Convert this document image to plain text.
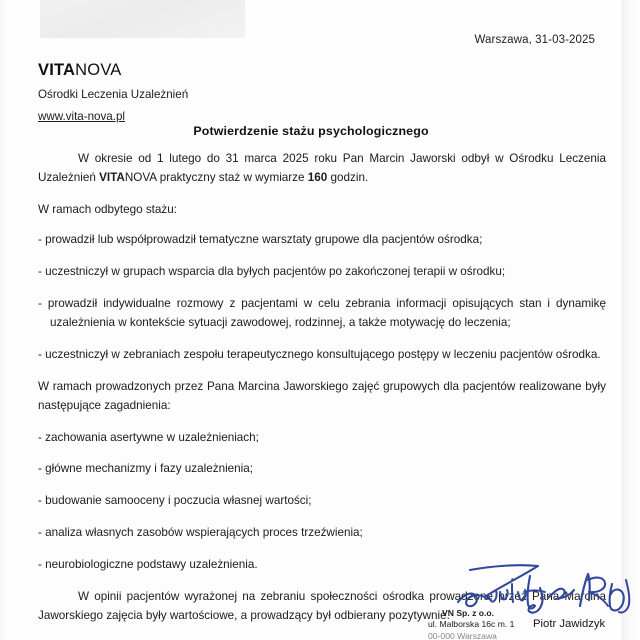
Warszawa, 31-03-2025
VITANOVA
Ośrodki Leczenia Uzależnień
www.vita-nova.pl
Potwierdzenie stażu psychologicznego

W okresie od 1 lutego do 31 marca 2025 roku Pan Marcin Jaworski odbył w Ośrodku Leczenia Uzależnień VITANOVA praktyczny staż w wymiarze 160 godzin.

W ramach odbytego stażu:

- prowadził lub współprowadził tematyczne warsztaty grupowe dla pacjentów ośrodka;
- uczestniczył w grupach wsparcia dla byłych pacjentów po zakończonej terapii w ośrodku;
- prowadził indywidualne rozmowy z pacjentami w celu zebrania informacji opisujących stan i dynamikę uzależnienia w kontekście sytuacji zawodowej, rodzinnej, a także motywację do leczenia;
- uczestniczył w zebraniach zespołu terapeutycznego konsultującego postępy w leczeniu pacjentów ośrodka.

W ramach prowadzonych przez Pana Marcina Jaworskiego zajęć grupowych dla pacjentów realizowane były następujące zagadnienia:

- zachowania asertywne w uzależnieniach;
- główne mechanizmy i fazy uzależnienia;
- budowanie samooceny i poczucia własnej wartości;
- analiza własnych zasobów wspierających proces trzeźwienia;
- neurobiologiczne podstawy uzależnienia.

W opinii pacjentów wyrażonej na zebraniu społeczności ośrodka prowadzone przez Pana Marcina Jaworskiego zajęcia były wartościowe, a prowadzący był odbierany pozytywnie.

VN Sp. z o.o.
ul. Malborska 16c m. 1
00-000 Warszawa
Piotr Jawidzyk
